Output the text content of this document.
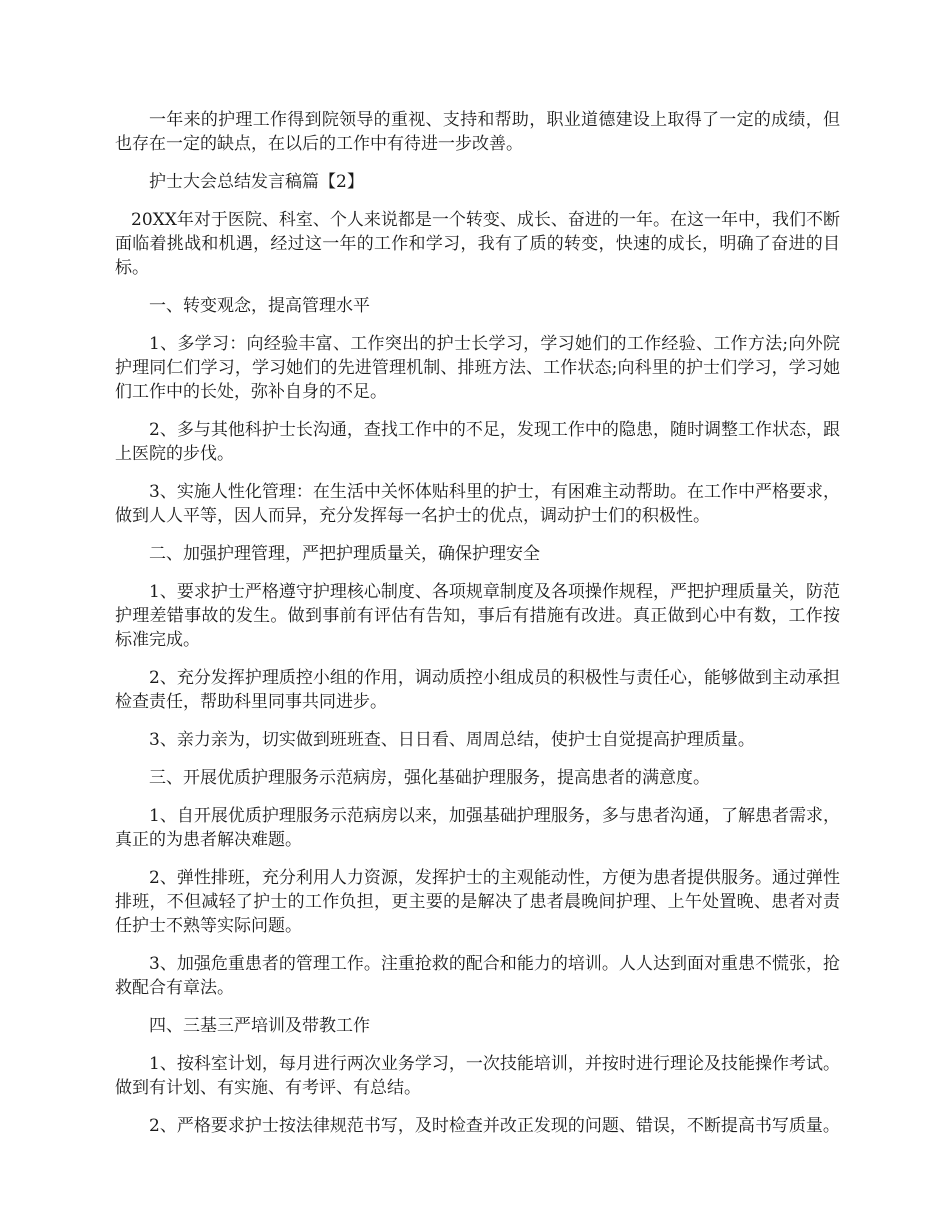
一年来的护理工作得到院领导的重视、支持和帮助，职业道德建设上取得了一定的成绩，但也存在一定的缺点，在以后的工作中有待进一步改善。

护士大会总结发言稿篇【2】

20XX年对于医院、科室、个人来说都是一个转变、成长、奋进的一年。在这一年中，我们不断面临着挑战和机遇，经过这一年的工作和学习，我有了质的转变，快速的成长，明确了奋进的目标。

一、转变观念，提高管理水平

1、多学习：向经验丰富、工作突出的护士长学习，学习她们的工作经验、工作方法;向外院护理同仁们学习，学习她们的先进管理机制、排班方法、工作状态;向科里的护士们学习，学习她们工作中的长处，弥补自身的不足。

2、多与其他科护士长沟通，查找工作中的不足，发现工作中的隐患，随时调整工作状态，跟上医院的步伐。

3、实施人性化管理：在生活中关怀体贴科里的护士，有困难主动帮助。在工作中严格要求，做到人人平等，因人而异，充分发挥每一名护士的优点，调动护士们的积极性。

二、加强护理管理，严把护理质量关，确保护理安全

1、要求护士严格遵守护理核心制度、各项规章制度及各项操作规程，严把护理质量关，防范护理差错事故的发生。做到事前有评估有告知，事后有措施有改进。真正做到心中有数，工作按标准完成。

2、充分发挥护理质控小组的作用，调动质控小组成员的积极性与责任心，能够做到主动承担检查责任，帮助科里同事共同进步。

3、亲力亲为，切实做到班班查、日日看、周周总结，使护士自觉提高护理质量。

三、开展优质护理服务示范病房，强化基础护理服务，提高患者的满意度。

1、自开展优质护理服务示范病房以来，加强基础护理服务，多与患者沟通，了解患者需求，真正的为患者解决难题。

2、弹性排班，充分利用人力资源，发挥护士的主观能动性，方便为患者提供服务。通过弹性排班，不但减轻了护士的工作负担，更主要的是解决了患者晨晚间护理、上午处置晚、患者对责任护士不熟等实际问题。

3、加强危重患者的管理工作。注重抢救的配合和能力的培训。人人达到面对重患不慌张，抢救配合有章法。

四、三基三严培训及带教工作

1、按科室计划，每月进行两次业务学习，一次技能培训，并按时进行理论及技能操作考试。做到有计划、有实施、有考评、有总结。

2、严格要求护士按法律规范书写，及时检查并改正发现的问题、错误，不断提高书写质量。
